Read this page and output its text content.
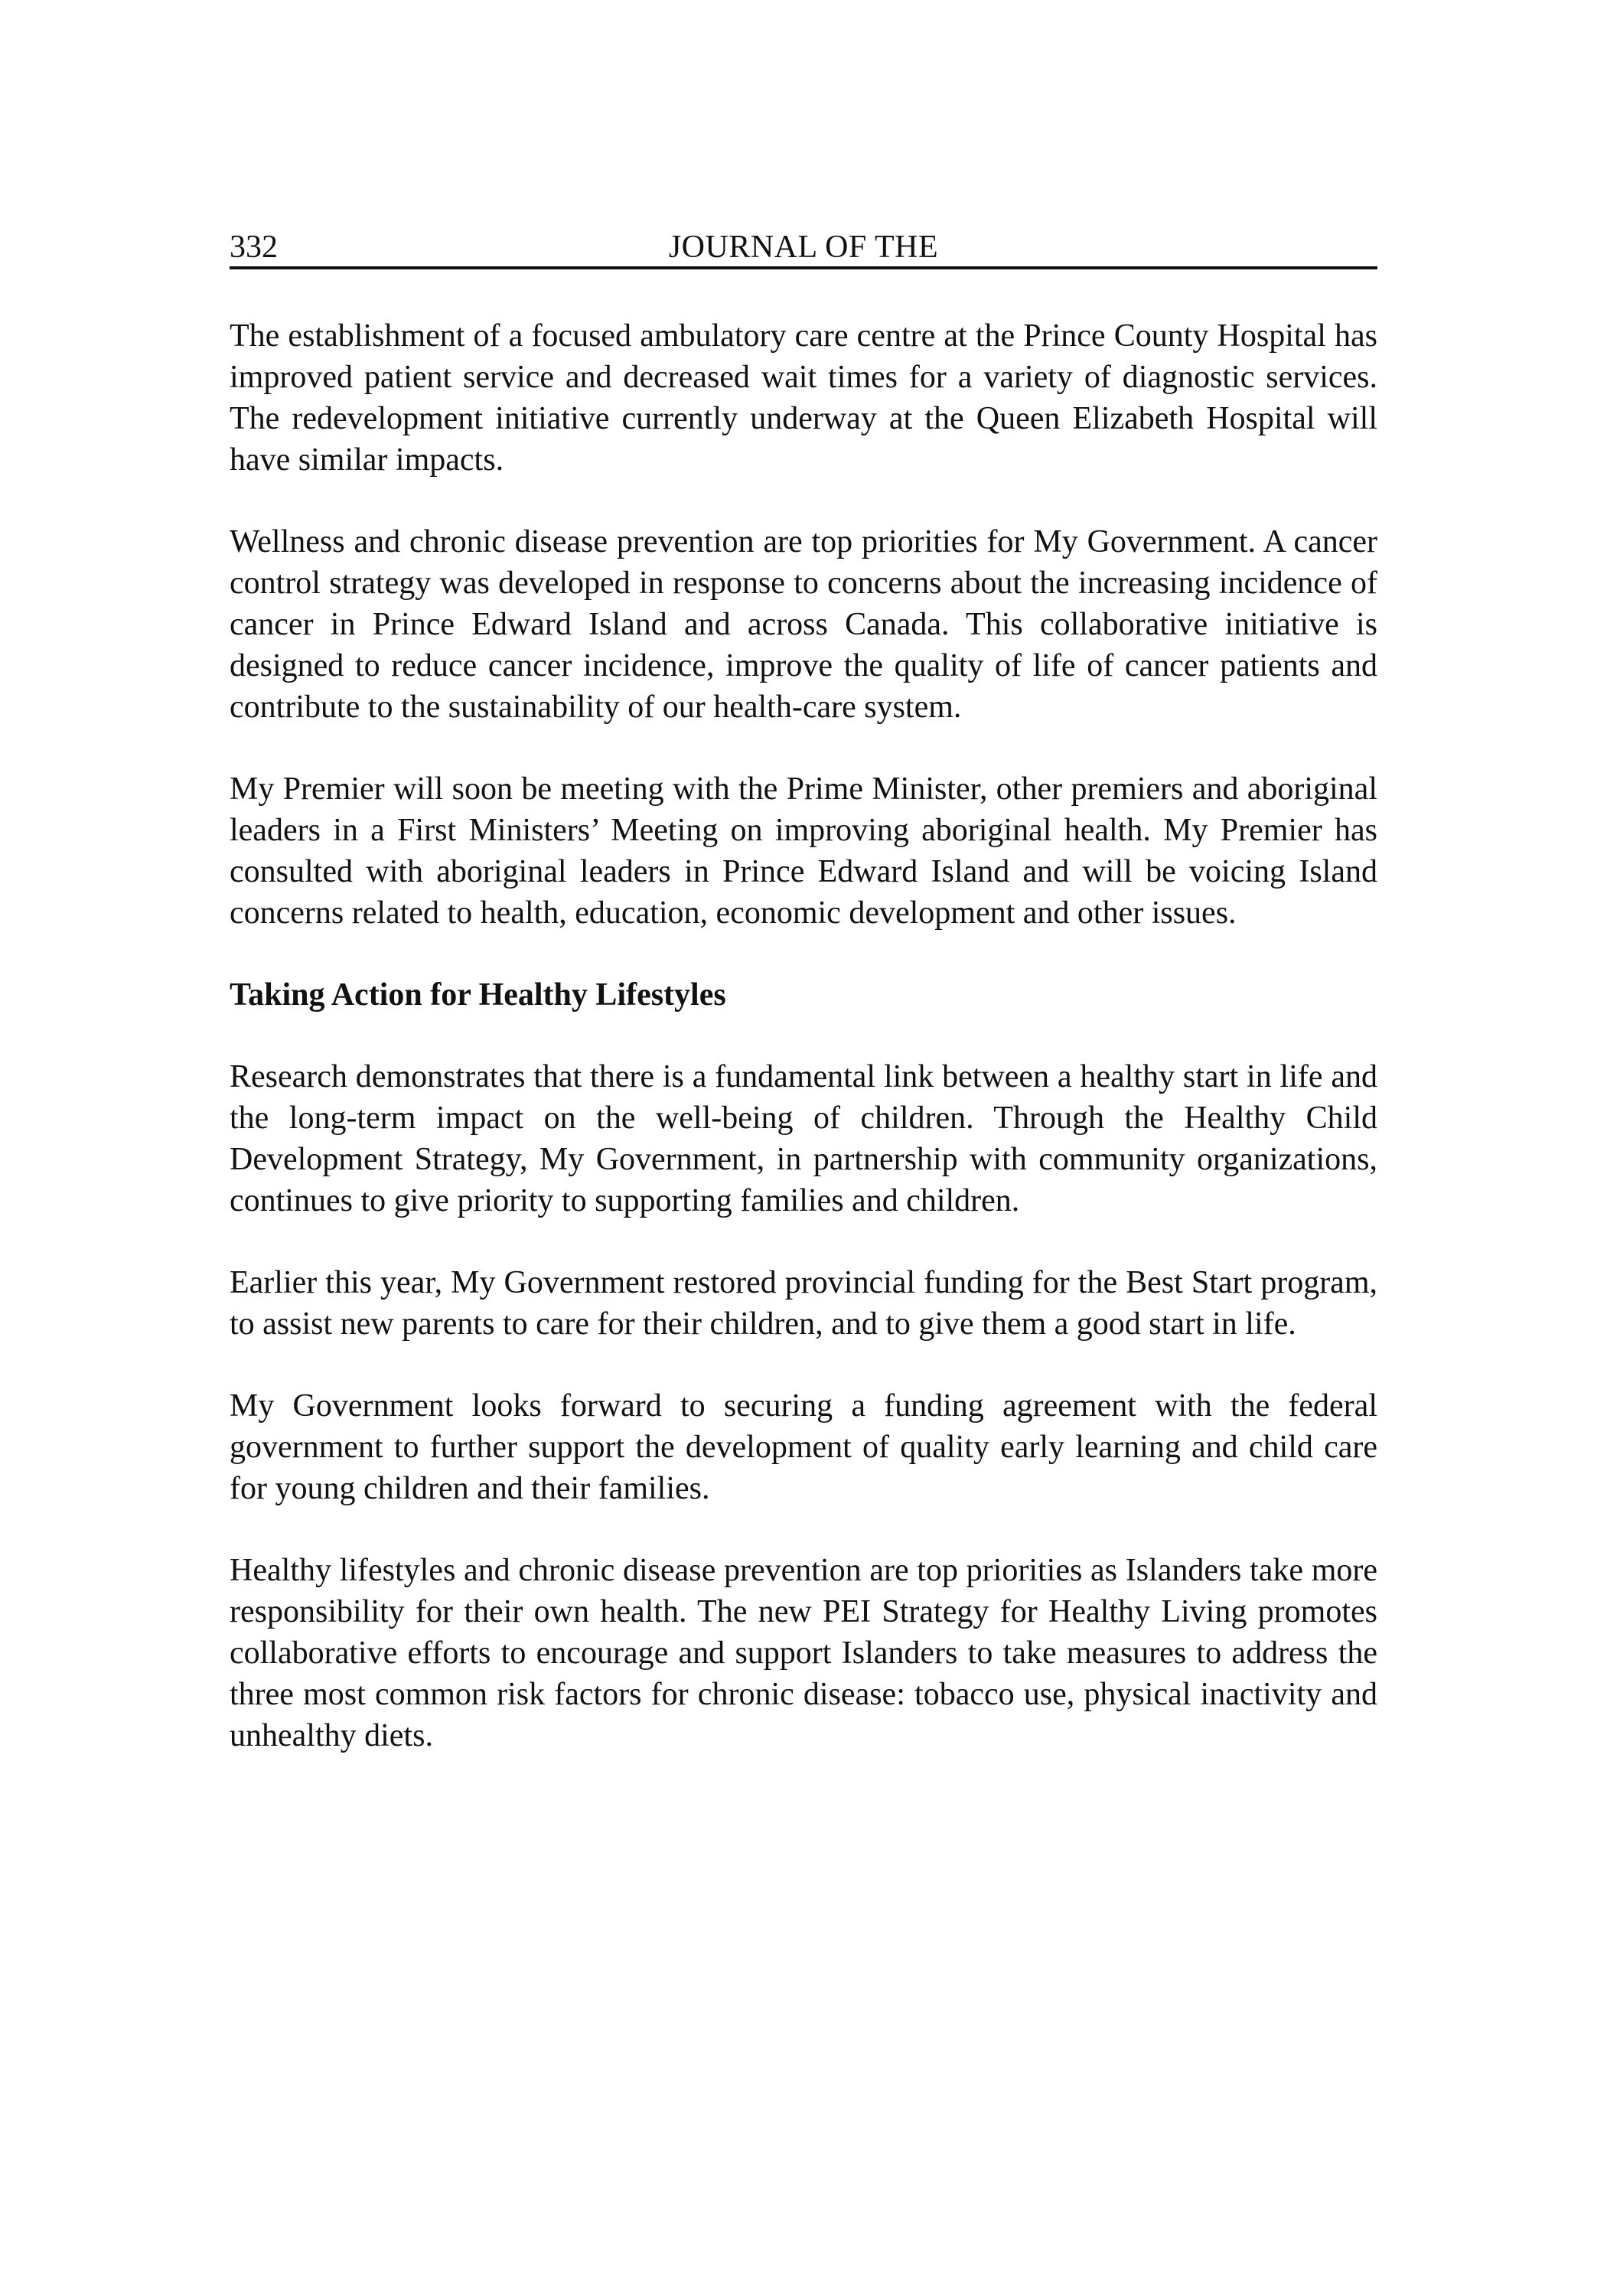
332	JOURNAL OF THE

The establishment of a focused ambulatory care centre at the Prince County Hospital has improved patient service and decreased wait times for a variety of diagnostic services. The redevelopment initiative currently underway at the Queen Elizabeth Hospital will have similar impacts.

Wellness and chronic disease prevention are top priorities for My Government. A cancer control strategy was developed in response to concerns about the increasing incidence of cancer in Prince Edward Island and across Canada. This collaborative initiative is designed to reduce cancer incidence, improve the quality of life of cancer patients and contribute to the sustainability of our health-care system.

My Premier will soon be meeting with the Prime Minister, other premiers and aboriginal leaders in a First Ministers’ Meeting on improving aboriginal health. My Premier has consulted with aboriginal leaders in Prince Edward Island and will be voicing Island concerns related to health, education, economic development and other issues.

Taking Action for Healthy Lifestyles

Research demonstrates that there is a fundamental link between a healthy start in life and the long-term impact on the well-being of children. Through the Healthy Child Development Strategy, My Government, in partnership with community organizations, continues to give priority to supporting families and children.

Earlier this year, My Government restored provincial funding for the Best Start program, to assist new parents to care for their children, and to give them a good start in life.

My Government looks forward to securing a funding agreement with the federal government to further support the development of quality early learning and child care for young children and their families.

Healthy lifestyles and chronic disease prevention are top priorities as Islanders take more responsibility for their own health. The new PEI Strategy for Healthy Living promotes collaborative efforts to encourage and support Islanders to take measures to address the three most common risk factors for chronic disease: tobacco use, physical inactivity and unhealthy diets.
